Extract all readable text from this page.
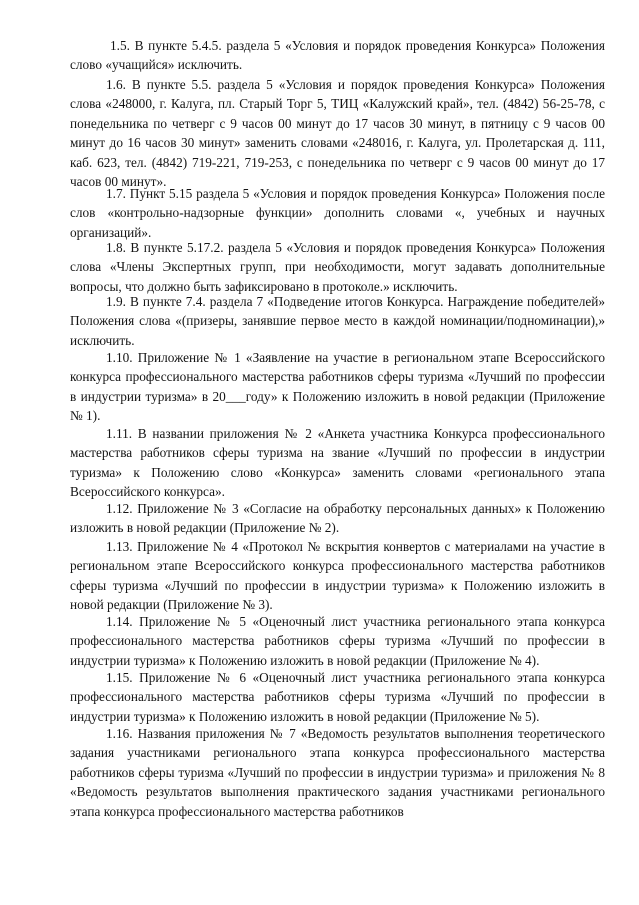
1.5. В пункте 5.4.5. раздела 5 «Условия и порядок проведения Конкурса» Положения слово «учащийся» исключить.

1.6. В пункте 5.5. раздела 5 «Условия и порядок проведения Конкурса» Положения слова «248000, г. Калуга, пл. Старый Торг 5, ТИЦ «Калужский край», тел. (4842) 56-25-78, с понедельника по четверг с 9 часов 00 минут до 17 часов 30 минут, в пятницу с 9 часов 00 минут до 16 часов 30 минут» заменить словами «248016, г. Калуга, ул. Пролетарская д. 111, каб. 623, тел. (4842) 719-221, 719-253, с понедельника по четверг с 9 часов 00 минут до 17 часов 00 минут».

1.7. Пункт 5.15 раздела 5 «Условия и порядок проведения Конкурса» Положения после слов «контрольно-надзорные функции» дополнить словами «, учебных и научных организаций».

1.8. В пункте 5.17.2. раздела 5 «Условия и порядок проведения Конкурса» Положения слова «Члены Экспертных групп, при необходимости, могут задавать дополнительные вопросы, что должно быть зафиксировано в протоколе.» исключить.

1.9. В пункте 7.4. раздела 7 «Подведение итогов Конкурса. Награждение победителей» Положения слова «(призеры, занявшие первое место в каждой номинации/подноминации),» исключить.

1.10. Приложение № 1 «Заявление на участие в региональном этапе Всероссийского конкурса профессионального мастерства работников сферы туризма «Лучший по профессии в индустрии туризма» в 20___году» к Положению изложить в новой редакции (Приложение № 1).

1.11. В названии приложения № 2 «Анкета участника Конкурса профессионального мастерства работников сферы туризма на звание «Лучший по профессии в индустрии туризма» к Положению слово «Конкурса» заменить словами «регионального этапа Всероссийского конкурса».

1.12. Приложение № 3 «Согласие на обработку персональных данных» к Положению изложить в новой редакции (Приложение № 2).

1.13. Приложение № 4 «Протокол № вскрытия конвертов с материалами на участие в региональном этапе Всероссийского конкурса профессионального мастерства работников сферы туризма «Лучший по профессии в индустрии туризма» к Положению изложить в новой редакции (Приложение № 3).

1.14. Приложение № 5 «Оценочный лист участника регионального этапа конкурса профессионального мастерства работников сферы туризма «Лучший по профессии в индустрии туризма» к Положению изложить в новой редакции (Приложение № 4).

1.15. Приложение № 6 «Оценочный лист участника регионального этапа конкурса профессионального мастерства работников сферы туризма «Лучший по профессии в индустрии туризма» к Положению изложить в новой редакции (Приложение № 5).

1.16. Названия приложения № 7 «Ведомость результатов выполнения теоретического задания участниками регионального этапа конкурса профессионального мастерства работников сферы туризма «Лучший по профессии в индустрии туризма» и приложения № 8 «Ведомость результатов выполнения практического задания участниками регионального этапа конкурса профессионального мастерства работников
